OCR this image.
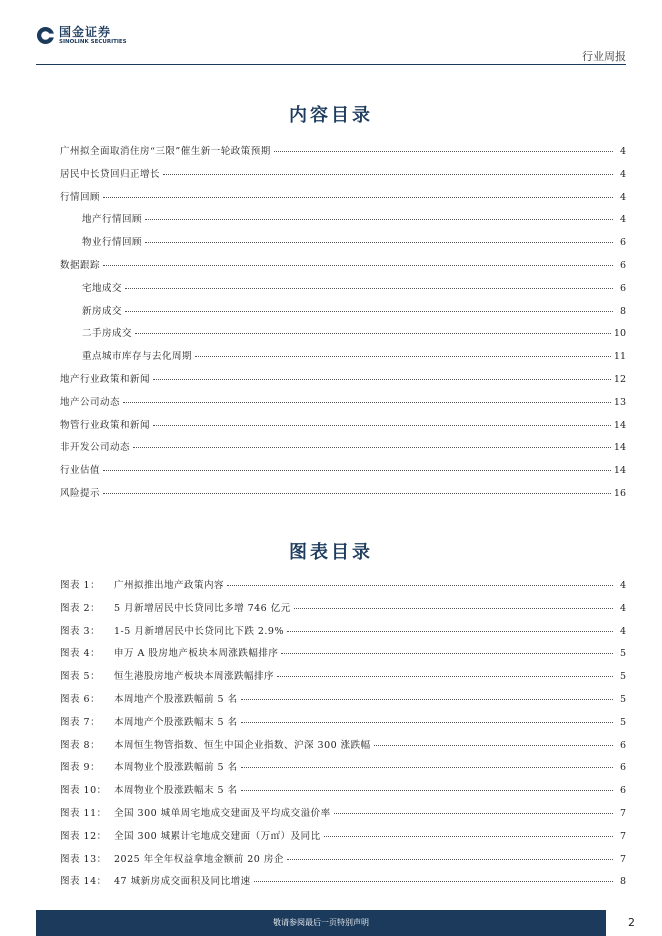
国金证券
SINOLINK SECURITIES
行业周报
内容目录
广州拟全面取消住房“三限”催生新一轮政策预期	4
居民中长贷回归正增长	4
行情回顾	4
地产行情回顾	4
物业行情回顾	6
数据跟踪	6
宅地成交	6
新房成交	8
二手房成交	10
重点城市库存与去化周期	11
地产行业政策和新闻	12
地产公司动态	13
物管行业政策和新闻	14
非开发公司动态	14
行业估值	14
风险提示	16
图表目录
图表 1： 广州拟推出地产政策内容	4
图表 2： 5 月新增居民中长贷同比多增 746 亿元	4
图表 3： 1-5 月新增居民中长贷同比下跌 2.9%	4
图表 4： 申万 A 股房地产板块本周涨跌幅排序	5
图表 5： 恒生港股房地产板块本周涨跌幅排序	5
图表 6： 本周地产个股涨跌幅前 5 名	5
图表 7： 本周地产个股涨跌幅末 5 名	5
图表 8： 本周恒生物管指数、恒生中国企业指数、沪深 300 涨跌幅	6
图表 9： 本周物业个股涨跌幅前 5 名	6
图表 10： 本周物业个股涨跌幅末 5 名	6
图表 11： 全国 300 城单周宅地成交建面及平均成交溢价率	7
图表 12： 全国 300 城累计宅地成交建面（万㎡）及同比	7
图表 13： 2025 年全年权益拿地金额前 20 房企	7
图表 14： 47 城新房成交面积及同比增速	8
敬请参阅最后一页特别声明	2
